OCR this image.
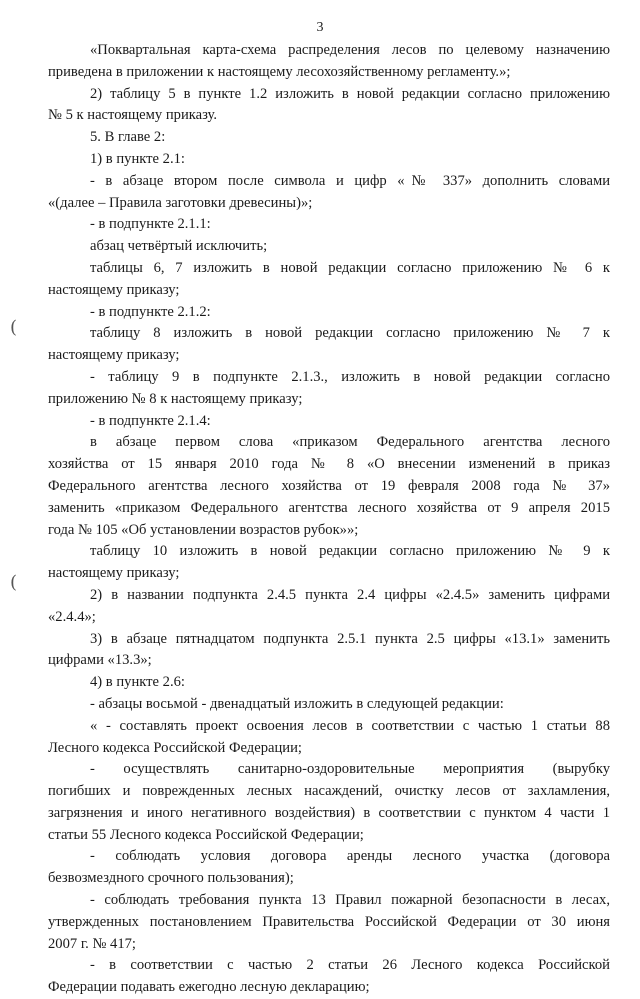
3
(
(
«Поквартальная карта-схема распределения лесов по целевому назначению
приведена в приложении к настоящему лесохозяйственному регламенту.»;
2) таблицу 5 в пункте 1.2 изложить в новой редакции согласно приложению
№ 5 к настоящему приказу.
5. В главе 2:
1) в пункте 2.1:
- в абзаце втором после символа и цифр «№ 337» дополнить словами
«(далее – Правила заготовки древесины)»;
- в подпункте 2.1.1:
абзац четвёртый исключить;
таблицы 6, 7 изложить в новой редакции согласно приложению № 6 к
настоящему приказу;
- в подпункте 2.1.2:
таблицу 8 изложить в новой редакции согласно приложению № 7 к
настоящему приказу;
- таблицу 9 в подпункте 2.1.3., изложить в новой редакции согласно
приложению № 8 к настоящему приказу;
- в подпункте 2.1.4:
в абзаце первом слова «приказом Федерального агентства лесного
хозяйства от 15 января 2010 года № 8 «О внесении изменений в приказ
Федерального агентства лесного хозяйства от 19 февраля 2008 года № 37»
заменить «приказом Федерального агентства лесного хозяйства от 9 апреля 2015
года № 105 «Об установлении возрастов рубок»»;
таблицу 10 изложить в новой редакции согласно приложению № 9 к
настоящему приказу;
2) в названии подпункта 2.4.5 пункта 2.4 цифры «2.4.5» заменить цифрами
«2.4.4»;
3) в абзаце пятнадцатом подпункта 2.5.1 пункта 2.5 цифры «13.1» заменить
цифрами «13.3»;
4) в пункте 2.6:
- абзацы восьмой - двенадцатый изложить в следующей редакции:
« - составлять проект освоения лесов в соответствии с частью 1 статьи 88
Лесного кодекса Российской Федерации;
- осуществлять санитарно-оздоровительные мероприятия (вырубку
погибших и поврежденных лесных насаждений, очистку лесов от захламления,
загрязнения и иного негативного воздействия) в соответствии с пунктом 4 части 1
статьи 55 Лесного кодекса Российской Федерации;
- соблюдать условия договора аренды лесного участка (договора
безвозмездного срочного пользования);
- соблюдать требования пункта 13 Правил пожарной безопасности в лесах,
утвержденных постановлением Правительства Российской Федерации от 30 июня
2007 г. № 417;
- в соответствии с частью 2 статьи 26 Лесного кодекса Российской
Федерации подавать ежегодно лесную декларацию;
